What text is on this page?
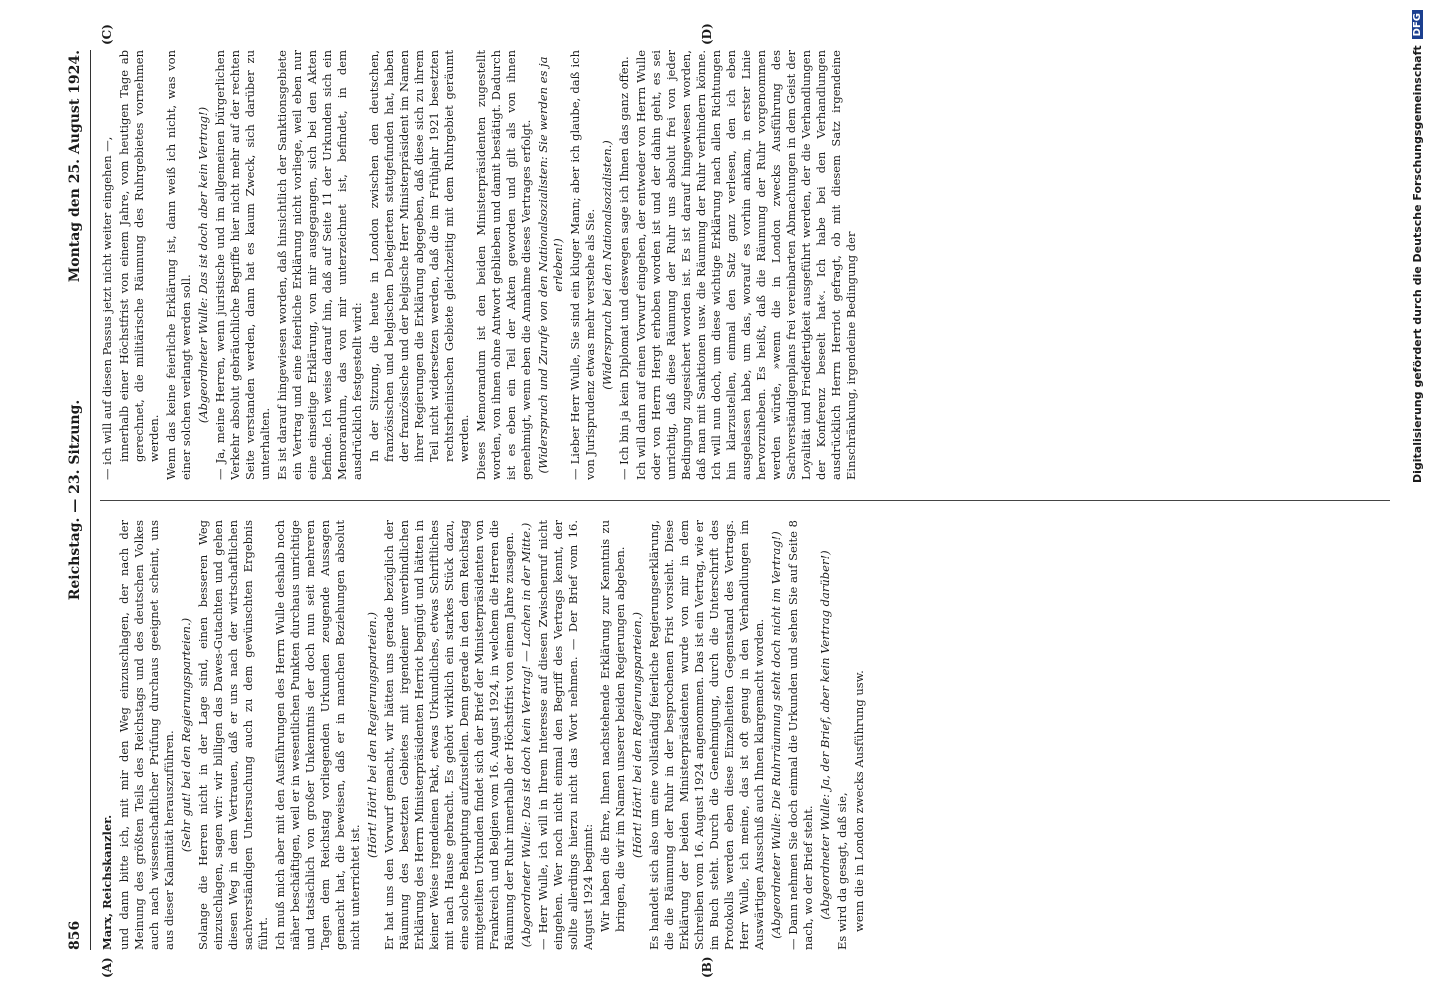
856
Reichstag. — 23. Sitzung.
Montag den 25. August 1924.
Marx, Reichskanzler. und dann bitte ich, mit mir den Weg einzuschlagen, der nach der Meinung des größten Teils des Reichstags und des deutschen Volkes auch nach wissenschaftlicher Prüfung durchaus geeignet scheint, uns aus dieser Kalamität herauszuführen. (Sehr gut! bei den Regierungsparteien.) Solange die Herren nicht in der Lage sind, einen besseren Weg einzuschlagen, sagen wir: wir billigen das Dawes-Gutachten und gehen diesen Weg in dem Vertrauen, daß er uns nach der wirtschaftlichen sachverständigen Untersuchung auch zu dem gewünschten Ergebnis führt. Ich muß mich aber mit den Ausführungen des Herrn Wulle deshalb noch näher beschäftigen, weil er in wesentlichen Punkten durchaus unrichtige und tatsächlich von großer Unkenntnis der doch nun seit mehreren Tagen dem Reichstag vorliegenden Urkunden zeugende Aussagen gemacht hat, die beweisen, daß er in manchen Beziehungen absolut nicht unterrichtet ist.
(Hört! Hört! bei den Regierungsparteien.) Er hat uns den Vorwurf gemacht, wir hätten uns gerade bezüglich der Räumung des besetzten Gebietes mit irgendeiner unverbindlichen Erklärung des Herrn Ministerpräsidenten Herriot begnügt und hätten in keiner Weise irgendeinen Pakt, etwas Urkundliches, etwas Schriftliches mit nach Hause gebracht. Es gehört wirklich ein starkes Stück dazu, eine solche Behauptung aufzustellen. Denn gerade in den dem Reichstag mitgeteilten Urkunden findet sich der Brief der Ministerpräsidenten von Frankreich und Belgien vom 16. August 1924, in welchem die Herren die Räumung der Ruhr innerhalb der Höchstfrist von einem Jahre zusagen. (Abgeordneter Wulle: Das ist doch kein Vertrag! — Lachen in der Mitte.) — Herr Wulle, ich will in Ihrem Interesse auf diesen Zwischenruf nicht eingehen. Wer noch nicht einmal den Begriff des Vertrags kennt, der sollte allerdings hierzu nicht das Wort nehmen. — Der Brief vom 16. August 1924 beginnt: Wir haben die Ehre, Ihnen nachstehende Erklärung zur Kenntnis zu bringen, die wir im Namen unserer beiden Regierungen abgeben. (Hört! Hört! bei den Regierungsparteien.) Es handelt sich also um eine vollständig feierliche Regierungserklärung, die die Räumung der Ruhr in der besprochenen Frist vorsieht. Diese Erklärung der beiden Ministerpräsidenten wurde von mir in dem Schreiben vom 16. August 1924 angenommen. Das ist ein Vertrag, wie er im Buch steht. Durch die Genehmigung, durch die Unterschrift des Protokolls werden eben diese Einzelheiten Gegenstand des Vertrags. Herr Wulle, ich meine, das ist oft genug in den Verhandlungen im Auswärtigen Ausschuß auch Ihnen klargemacht worden. (Abgeordneter Wulle: Die Ruhrräumung steht doch nicht im Vertrag!) — Dann nehmen Sie doch einmal die Urkunden und sehen Sie auf Seite 8 nach, wo der Brief steht. (Abgeordneter Wulle: Ja, der Brief, aber kein Vertrag darüber!) Es wird da gesagt, daß sie, wenn die in London zwecks Ausführung usw.
— ich will auf diesen Passus jetzt nicht weiter eingehen —, innerhalb einer Höchstfrist von einem Jahre, vom heutigen Tage ab gerechnet, die militärische Räumung des Ruhrgebietes vornehmen werden. Wenn das keine feierliche Erklärung ist, dann weiß ich nicht, was von einer solchen verlangt werden soll. (Abgeordneter Wulle: Das ist doch aber kein Vertrag!) — Ja, meine Herren, wenn juristische und im allgemeinen bürgerlichen Verkehr absolut gebräuchliche Begriffe hier nicht mehr auf der rechten Seite verstanden werden, dann hat es kaum Zweck, sich darüber zu unterhalten. Es ist darauf hingewiesen worden, daß hinsichtlich der Sanktionsgebiete ein Vertrag und eine feierliche Erklärung nicht vorliege, weil eben nur eine einseitige Erklärung, von mir ausgegangen, sich bei den Akten befinde. Ich weise darauf hin, daß auf Seite 11 der Urkunden sich ein Memorandum, das von mir unterzeichnet ist, befindet, in dem ausdrücklich festgestellt wird: In der Sitzung, die heute in London zwischen den deutschen, französischen und belgischen Delegierten stattgefunden hat, haben der französische und der belgische Herr Ministerpräsident im Namen ihrer Regierungen die Erklärung abgegeben, daß diese sich zu ihrem Teil nicht widersetzen werden, daß die im Frühjahr 1921 besetzten rechtsrheinischen Gebiete gleichzeitig mit dem Ruhrgebiet geräumt werden. Dieses Memorandum ist den beiden Ministerpräsidenten zugestellt worden, von ihnen ohne Antwort geblieben und damit bestätigt. Dadurch ist es eben ein Teil der Akten geworden und gilt als von ihnen genehmigt, wenn eben die Annahme dieses Vertrages erfolgt. (Widerspruch und Zurufe von den Nationalsozialisten: Sie werden es ja erleben!) — Lieber Herr Wulle, Sie sind ein kluger Mann; aber ich glaube, daß ich von Jurisprudenz etwas mehr verstehe als Sie. (Widerspruch bei den Nationalsozialisten.) — Ich bin ja kein Diplomat und deswegen sage ich Ihnen das ganz offen. Ich will dann auf einen Vorwurf eingehen, der entweder von Herrn Wulle oder von Herrn Hergt erhoben worden ist und der dahin geht, es sei unrichtig, daß diese Räumung der Ruhr uns absolut frei von jeder Bedingung zugesichert worden ist. Es ist darauf hingewiesen worden, daß man mit Sanktionen usw. die Räumung der Ruhr verhindern könne. Ich will nun doch, um diese wichtige Erklärung nach allen Richtungen hin klarzustellen, einmal den Satz ganz verlesen, den ich eben ausgelassen habe, um das, worauf es vorhin ankam, in erster Linie hervorzuheben. Es heißt, daß die Räumung der Ruhr vorgenommen werden würde, »wenn die in London zwecks Ausführung des Sachverständigenplans frei vereinbarten Abmachungen in dem Geist der Loyalität und Friedfertigkeit ausgeführt werden, der die Verhandlungen der Konferenz beseelt hat«. Ich habe bei den Verhandlungen ausdrücklich Herrn Herriot gefragt, ob mit diesem Satz irgendeine Einschränkung, irgendeine Bedingung der
(A)	(B)
(C)	(D)
Digitalisierung gefördert durch die Deutsche Forschungsgemeinschaft
DFG
